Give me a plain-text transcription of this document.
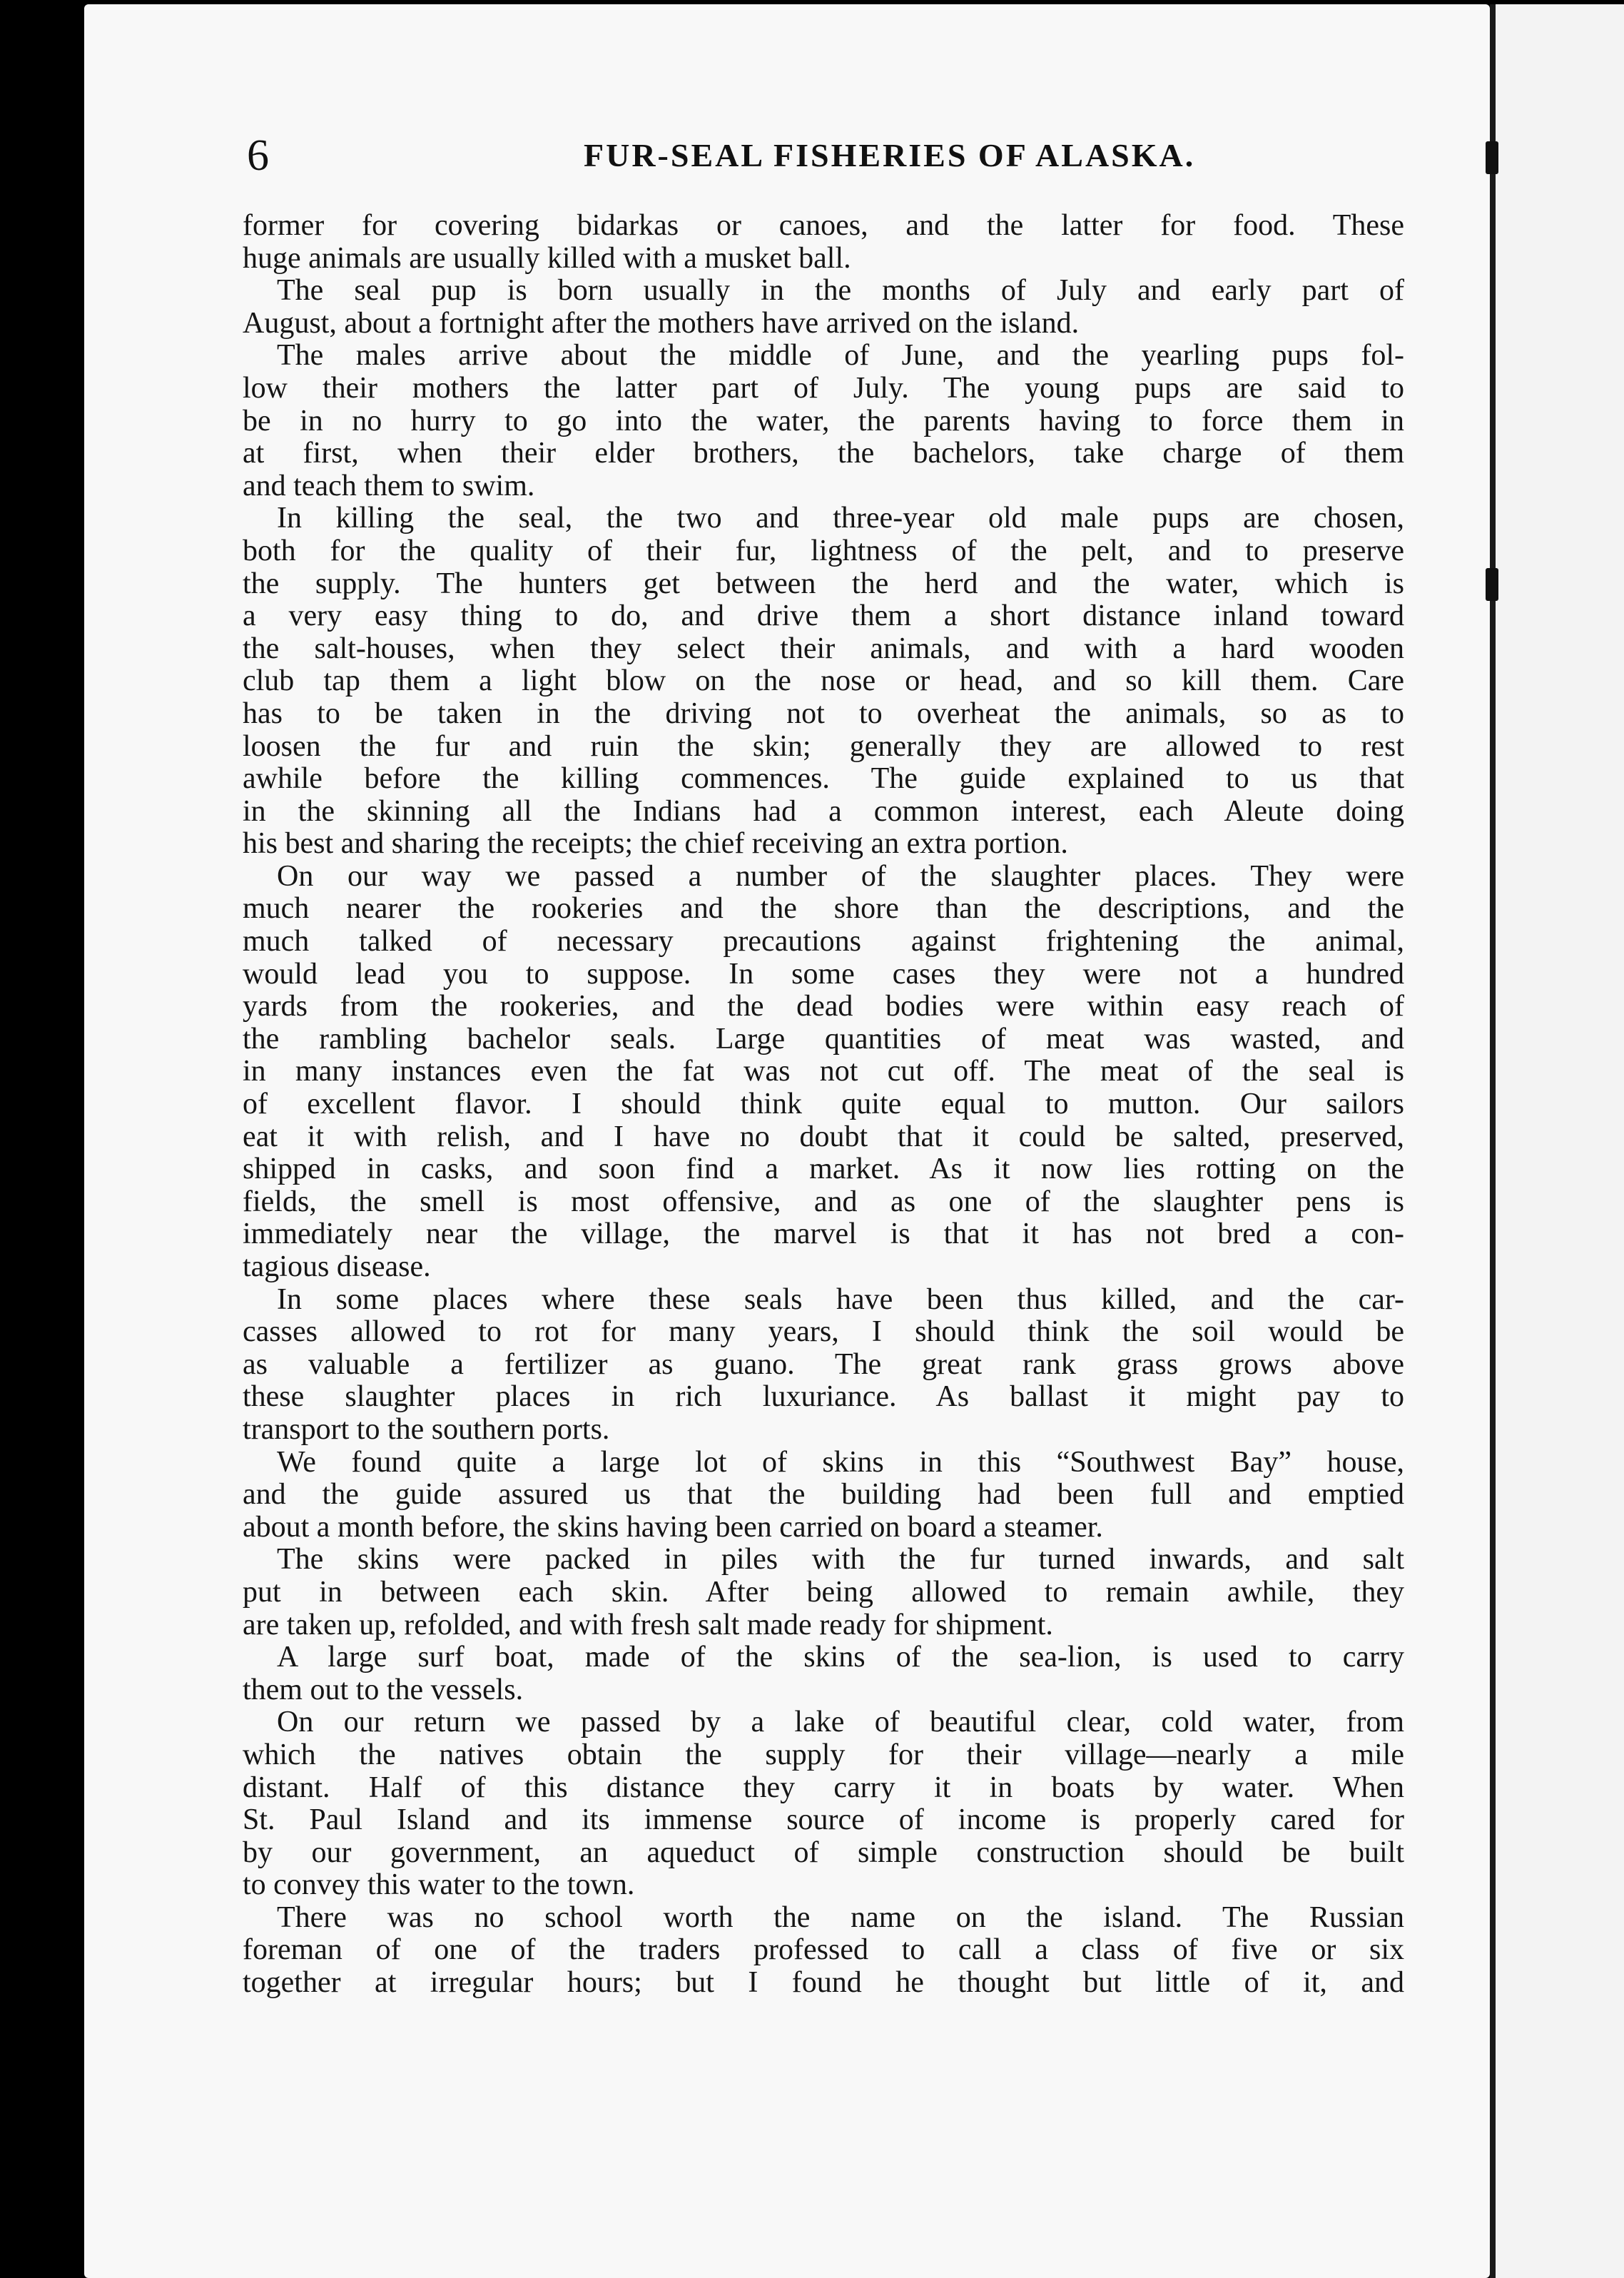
6	FUR-SEAL FISHERIES OF ALASKA.
former for covering bidarkas or canoes, and the latter for food. These
huge animals are usually killed with a musket ball.
The seal pup is born usually in the months of July and early part of
August, about a fortnight after the mothers have arrived on the island.
The males arrive about the middle of June, and the yearling pups fol-
low their mothers the latter part of July. The young pups are said to
be in no hurry to go into the water, the parents having to force them in
at first, when their elder brothers, the bachelors, take charge of them
and teach them to swim.
In killing the seal, the two and three-year old male pups are chosen,
both for the quality of their fur, lightness of the pelt, and to preserve
the supply. The hunters get between the herd and the water, which is
a very easy thing to do, and drive them a short distance inland toward
the salt-houses, when they select their animals, and with a hard wooden
club tap them a light blow on the nose or head, and so kill them. Care
has to be taken in the driving not to overheat the animals, so as to
loosen the fur and ruin the skin; generally they are allowed to rest
awhile before the killing commences. The guide explained to us that
in the skinning all the Indians had a common interest, each Aleute doing
his best and sharing the receipts; the chief receiving an extra portion.
On our way we passed a number of the slaughter places. They were
much nearer the rookeries and the shore than the descriptions, and the
much talked of necessary precautions against frightening the animal,
would lead you to suppose. In some cases they were not a hundred
yards from the rookeries, and the dead bodies were within easy reach of
the rambling bachelor seals. Large quantities of meat was wasted, and
in many instances even the fat was not cut off. The meat of the seal is
of excellent flavor. I should think quite equal to mutton. Our sailors
eat it with relish, and I have no doubt that it could be salted, preserved,
shipped in casks, and soon find a market. As it now lies rotting on the
fields, the smell is most offensive, and as one of the slaughter pens is
immediately near the village, the marvel is that it has not bred a con-
tagious disease.
In some places where these seals have been thus killed, and the car-
casses allowed to rot for many years, I should think the soil would be
as valuable a fertilizer as guano. The great rank grass grows above
these slaughter places in rich luxuriance. As ballast it might pay to
transport to the southern ports.
We found quite a large lot of skins in this “Southwest Bay” house,
and the guide assured us that the building had been full and emptied
about a month before, the skins having been carried on board a steamer.
The skins were packed in piles with the fur turned inwards, and salt
put in between each skin. After being allowed to remain awhile, they
are taken up, refolded, and with fresh salt made ready for shipment.
A large surf boat, made of the skins of the sea-lion, is used to carry
them out to the vessels.
On our return we passed by a lake of beautiful clear, cold water, from
which the natives obtain the supply for their village—nearly a mile
distant. Half of this distance they carry it in boats by water. When
St. Paul Island and its immense source of income is properly cared for
by our government, an aqueduct of simple construction should be built
to convey this water to the town.
There was no school worth the name on the island. The Russian
foreman of one of the traders professed to call a class of five or six
together at irregular hours; but I found he thought but little of it, and
